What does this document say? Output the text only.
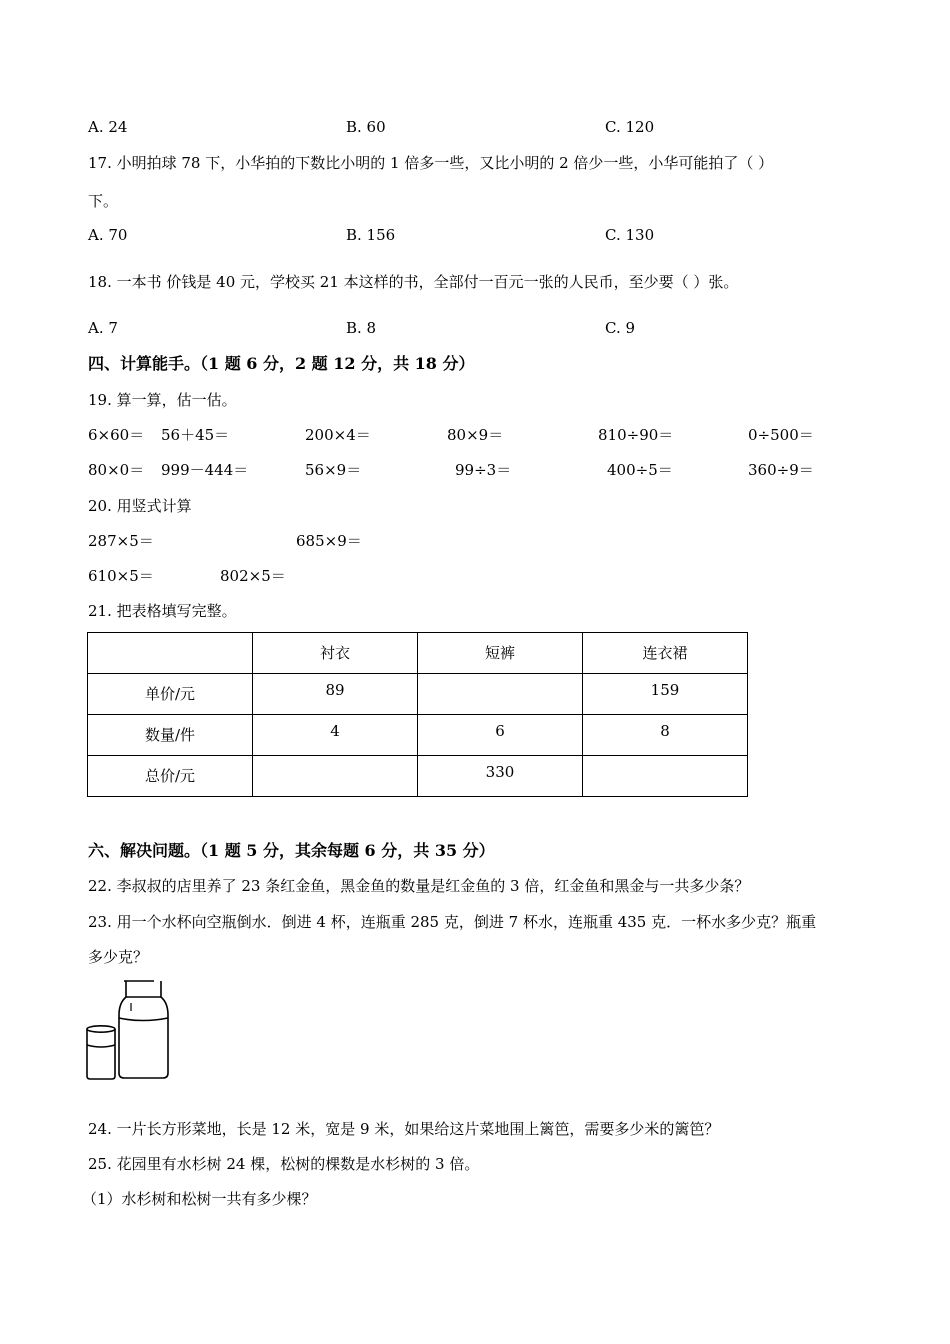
A. 24	B. 60	C. 120
17. 小明拍球 78 下，小华拍的下数比小明的 1 倍多一些，又比小明的 2 倍少一些，小华可能拍了（ ）
下。
A. 70	B. 156	C. 130
18. 一本书 价钱是 40 元，学校买 21 本这样的书，全部付一百元一张的人民币，至少要（ ）张。
A. 7	B. 8	C. 9
四、计算能手。（1 题 6 分，2 题 12 分，共 18 分）
19. 算一算，估一估。
6×60＝ 56＋45＝	200×4＝	80×9＝	810÷90＝	0÷500＝
80×0＝ 999－444＝	56×9＝	99÷3＝	400÷5＝	360÷9＝
20. 用竖式计算
287×5＝	685×9＝
610×5＝	802×5＝
21. 把表格填写完整。
	衬衣	短裤	连衣裙
单价/元	89		159
数量/件	4	6	8
总价/元		330	
六、解决问题。（1 题 5 分，其余每题 6 分，共 35 分）
22. 李叔叔的店里养了 23 条红金鱼，黑金鱼的数量是红金鱼的 3 倍，红金鱼和黑金与一共多少条？
23. 用一个水杯向空瓶倒水．倒进 4 杯，连瓶重 285 克，倒进 7 杯水，连瓶重 435 克．一杯水多少克？瓶重
多少克？
24. 一片长方形菜地，长是 12 米，宽是 9 米，如果给这片菜地围上篱笆，需要多少米的篱笆？
25. 花园里有水杉树 24 棵，松树的棵数是水杉树的 3 倍。
（1）水杉树和松树一共有多少棵？
